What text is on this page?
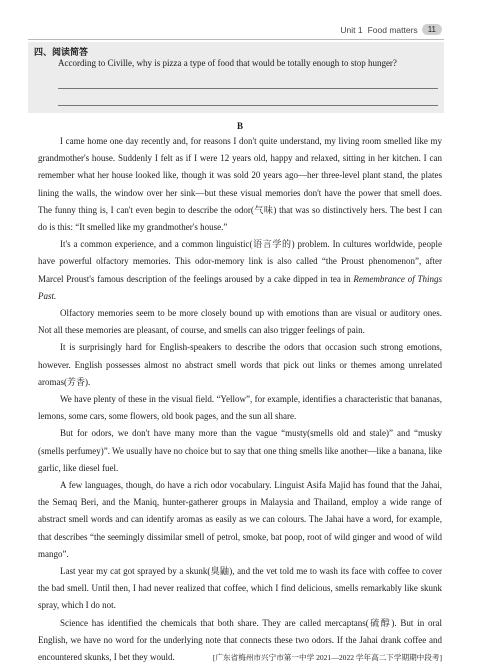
Unit 1 Food matters	11
四、阅读简答
According to Civille, why is pizza a type of food that would be totally enough to stop hunger?
B

I came home one day recently and, for reasons I don't quite understand, my living room smelled like my grandmother's house. Suddenly I felt as if I were 12 years old, happy and relaxed, sitting in her kitchen. I can remember what her house looked like, though it was sold 20 years ago—her three-level plant stand, the plates lining the walls, the window over her sink—but these visual memories don't have the power that smell does. The funny thing is, I can't even begin to describe the odor(气味) that was so distinctively hers. The best I can do is this: “It smelled like my grandmother's house.”

It's a common experience, and a common linguistic(语言学的) problem. In cultures worldwide, people have powerful olfactory memories. This odor-memory link is also called “the Proust phenomenon”, after Marcel Proust's famous description of the feelings aroused by a cake dipped in tea in Remembrance of Things Past.

Olfactory memories seem to be more closely bound up with emotions than are visual or auditory ones. Not all these memories are pleasant, of course, and smells can also trigger feelings of pain.

It is surprisingly hard for English-speakers to describe the odors that occasion such strong emotions, however. English possesses almost no abstract smell words that pick out links or themes among unrelated aromas(芳香).

We have plenty of these in the visual field. “Yellow”, for example, identifies a characteristic that bananas, lemons, some cars, some flowers, old book pages, and the sun all share.

But for odors, we don't have many more than the vague “musty(smells old and stale)” and “musky (smells perfumey)”. We usually have no choice but to say that one thing smells like another—like a banana, like garlic, like diesel fuel.

A few languages, though, do have a rich odor vocabulary. Linguist Asifa Majid has found that the Jahai, the Semaq Beri, and the Maniq, hunter-gatherer groups in Malaysia and Thailand, employ a wide range of abstract smell words and can identify aromas as easily as we can colours. The Jahai have a word, for example, that describes “the seemingly dissimilar smell of petrol, smoke, bat poop, root of wild ginger and wood of wild mango”.

Last year my cat got sprayed by a skunk(臭鼬), and the vet told me to wash its face with coffee to cover the bad smell. Until then, I had never realized that coffee, which I find delicious, smells remarkably like skunk spray, which I do not.

Science has identified the chemicals that both share. They are called mercaptans(硫醇). But in oral English, we have no word for the underlying note that connects these two odors. If the Jahai drank coffee and encountered skunks, I bet they would.	[广东省梅州市兴宁市第一中学 2021—2022 学年高二下学期期中段考]
